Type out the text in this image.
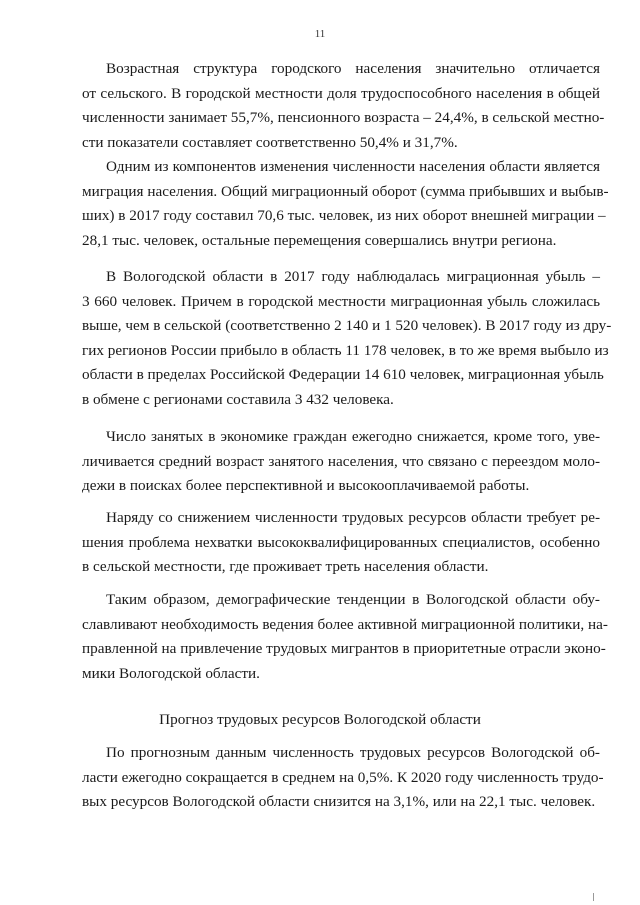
11

Возрастная структура городского населения значительно отличается
от сельского. В городской местности доля трудоспособного населения в общей
численности занимает 55,7%, пенсионного возраста – 24,4%, в сельской местно-
сти показатели составляет соответственно 50,4% и 31,7%.

Одним из компонентов изменения численности населения области является
миграция населения. Общий миграционный оборот (сумма прибывших и выбыв-
ших) в 2017 году составил 70,6 тыс. человек, из них оборот внешней миграции –
28,1 тыс. человек, остальные перемещения совершались внутри региона.

В Вологодской области в 2017 году наблюдалась миграционная убыль –
3 660 человек. Причем в городской местности миграционная убыль сложилась
выше, чем в сельской (соответственно 2 140 и 1 520 человек). В 2017 году из дру-
гих регионов России прибыло в область 11 178 человек, в то же время выбыло из
области в пределах Российской Федерации 14 610 человек, миграционная убыль
в обмене с регионами составила 3 432 человека.

Число занятых в экономике граждан ежегодно снижается, кроме того, уве-
личивается средний возраст занятого населения, что связано с переездом моло-
дежи в поисках более перспективной и высокооплачиваемой работы.

Наряду со снижением численности трудовых ресурсов области требует ре-
шения проблема нехватки высококвалифицированных специалистов, особенно
в сельской местности, где проживает треть населения области.

Таким образом, демографические тенденции в Вологодской области обу-
славливают необходимость ведения более активной миграционной политики, на-
правленной на привлечение трудовых мигрантов в приоритетные отрасли эконо-
мики Вологодской области.

Прогноз трудовых ресурсов Вологодской области

По прогнозным данным численность трудовых ресурсов Вологодской об-
ласти ежегодно сокращается в среднем на 0,5%. К 2020 году численность трудо-
вых ресурсов Вологодской области снизится на 3,1%, или на 22,1 тыс. человек.
